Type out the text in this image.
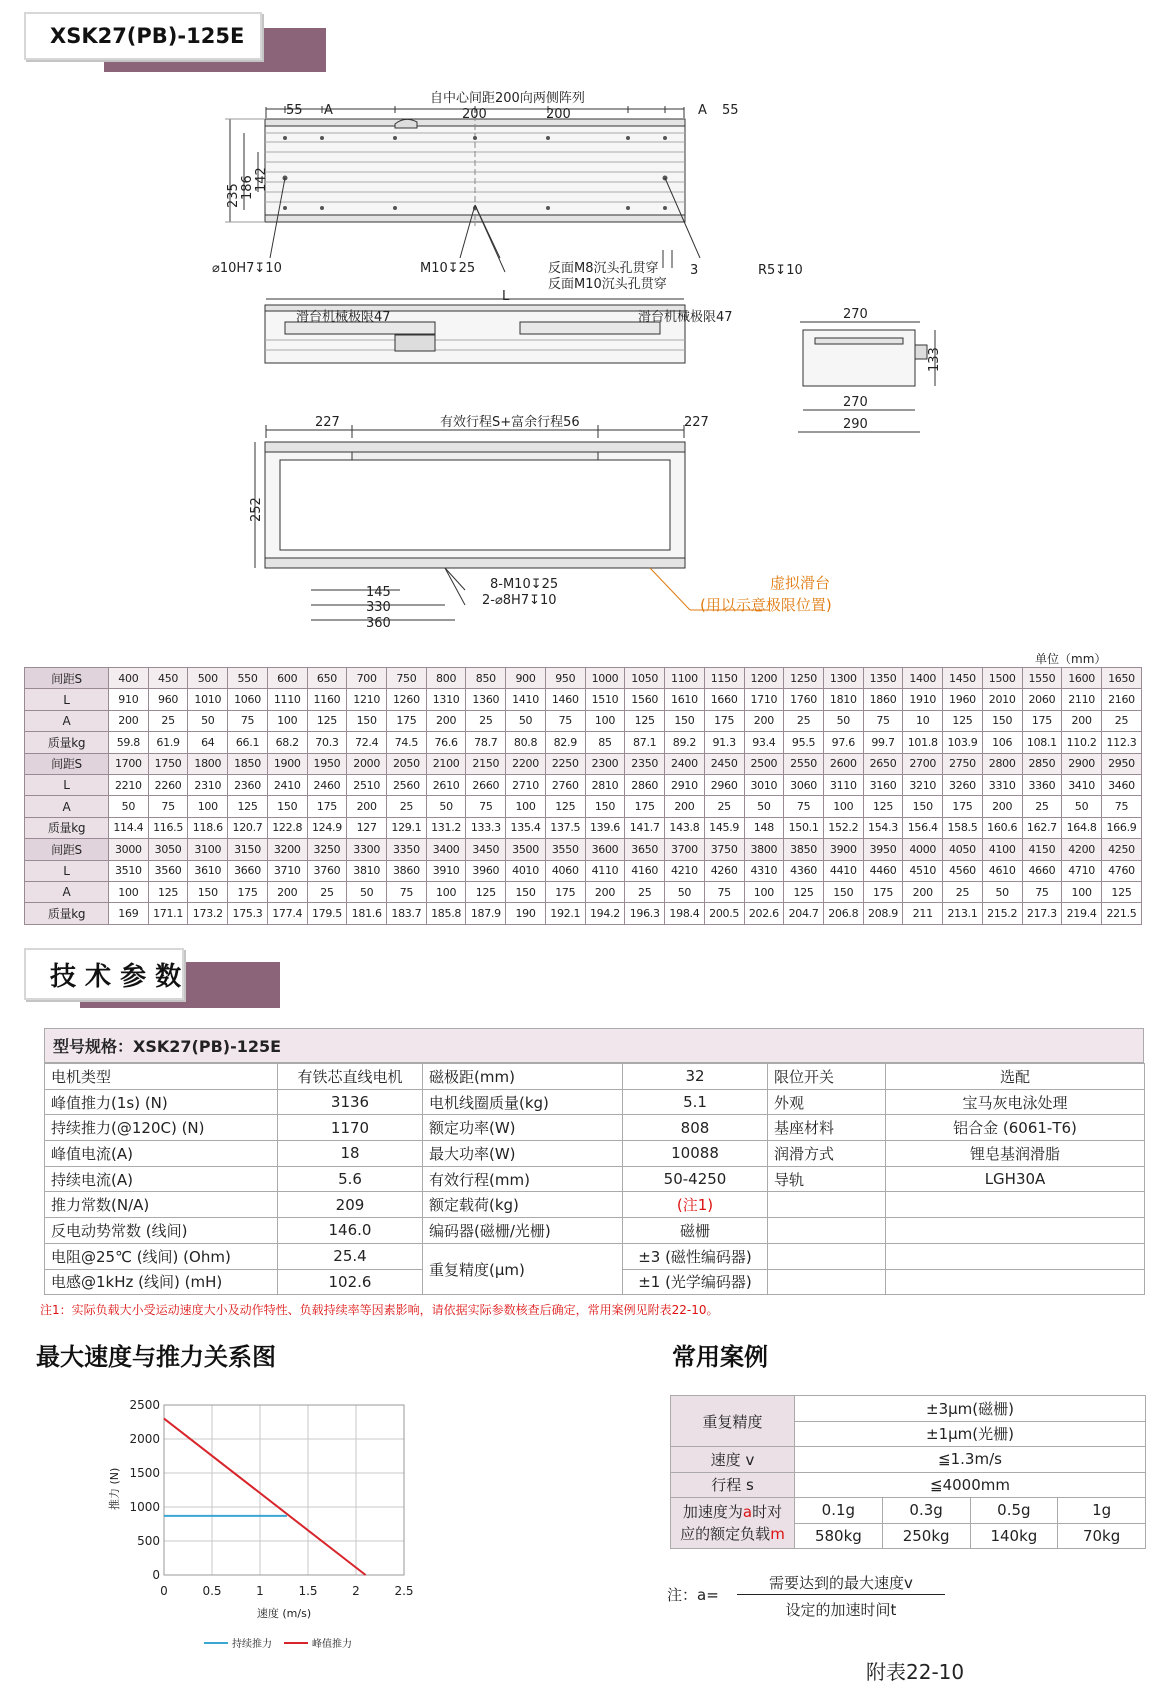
XSK27(PB)-125E
自中心间距200向两侧阵列
55 A	200	200	A 55
235 186 142
⌀10H7↧10	M10↧25	反面M8沉头孔贯穿
反面M10沉头孔贯穿
3	R5↧10
L
滑台机械极限47	滑台机械极限47	270
133
270
290
227	有效行程S+富余行程56	227
252
8-M10↧25
2-⌀8H7↧10
145
330
360
虚拟滑台
(用以示意极限位置)
单位（mm）
间距S	400	450	500	550	600	650	700	750	800	850	900	950	1000	1050	1100	1150	1200	1250	1300	1350	1400	1450	1500	1550	1600	1650
L	910	960	1010	1060	1110	1160	1210	1260	1310	1360	1410	1460	1510	1560	1610	1660	1710	1760	1810	1860	1910	1960	2010	2060	2110	2160
A	200	25	50	75	100	125	150	175	200	25	50	75	100	125	150	175	200	25	50	75	10	125	150	175	200	25
质量kg	59.8	61.9	64	66.1	68.2	70.3	72.4	74.5	76.6	78.7	80.8	82.9	85	87.1	89.2	91.3	93.4	95.5	97.6	99.7	101.8	103.9	106	108.1	110.2	112.3
间距S	1700	1750	1800	1850	1900	1950	2000	2050	2100	2150	2200	2250	2300	2350	2400	2450	2500	2550	2600	2650	2700	2750	2800	2850	2900	2950
L	2210	2260	2310	2360	2410	2460	2510	2560	2610	2660	2710	2760	2810	2860	2910	2960	3010	3060	3110	3160	3210	3260	3310	3360	3410	3460
A	50	75	100	125	150	175	200	25	50	75	100	125	150	175	200	25	50	75	100	125	150	175	200	25	50	75
质量kg	114.4	116.5	118.6	120.7	122.8	124.9	127	129.1	131.2	133.3	135.4	137.5	139.6	141.7	143.8	145.9	148	150.1	152.2	154.3	156.4	158.5	160.6	162.7	164.8	166.9
间距S	3000	3050	3100	3150	3200	3250	3300	3350	3400	3450	3500	3550	3600	3650	3700	3750	3800	3850	3900	3950	4000	4050	4100	4150	4200	4250
L	3510	3560	3610	3660	3710	3760	3810	3860	3910	3960	4010	4060	4110	4160	4210	4260	4310	4360	4410	4460	4510	4560	4610	4660	4710	4760
A	100	125	150	175	200	25	50	75	100	125	150	175	200	25	50	75	100	125	150	175	200	25	50	75	100	125
质量kg	169	171.1	173.2	175.3	177.4	179.5	181.6	183.7	185.8	187.9	190	192.1	194.2	196.3	198.4	200.5	202.6	204.7	206.8	208.9	211	213.1	215.2	217.3	219.4	221.5
技 术 参 数
型号规格：XSK27(PB)-125E
电机类型	有铁芯直线电机	磁极距(mm)	32	限位开关	选配
峰值推力(1s) (N)	3136	电机线圈质量(kg)	5.1	外观	宝马灰电泳处理
持续推力(@120C) (N)	1170	额定功率(W)	808	基座材料	铝合金 (6061-T6)
峰值电流(A)	18	最大功率(W)	10088	润滑方式	锂皂基润滑脂
持续电流(A)	5.6	有效行程(mm)	50-4250	导轨	LGH30A
推力常数(N/A)	209	额定载荷(kg)	(注1)		
反电动势常数 (线间)	146.0	编码器(磁栅/光栅)	磁栅		
电阻@25℃ (线间) (Ohm)	25.4	重复精度(μm)	±3 (磁性编码器)		
电感@1kHz (线间) (mH)	102.6		±1 (光学编码器)		
注1：实际负载大小受运动速度大小及动作特性、负载持续率等因素影响，请依据实际参数核查后确定，常用案例见附表22-10。
最大速度与推力关系图
0	0.5	1	1.5	2	2.5
0
500
1000
1500
2000
2500
速度 (m/s)
推力 (N)
持续推力	峰值推力
常用案例
重复精度	±3μm(磁栅)			
	±1μm(光栅)			
速度 v	≦1.3m/s			
行程 s	≦4000mm			
加速度为a时对
应的额定负载m	0.1g	0.3g	0.5g	1g
	580kg	250kg	140kg	70kg
注：a=
需要达到的最大速度v
设定的加速时间t
附表22-10
